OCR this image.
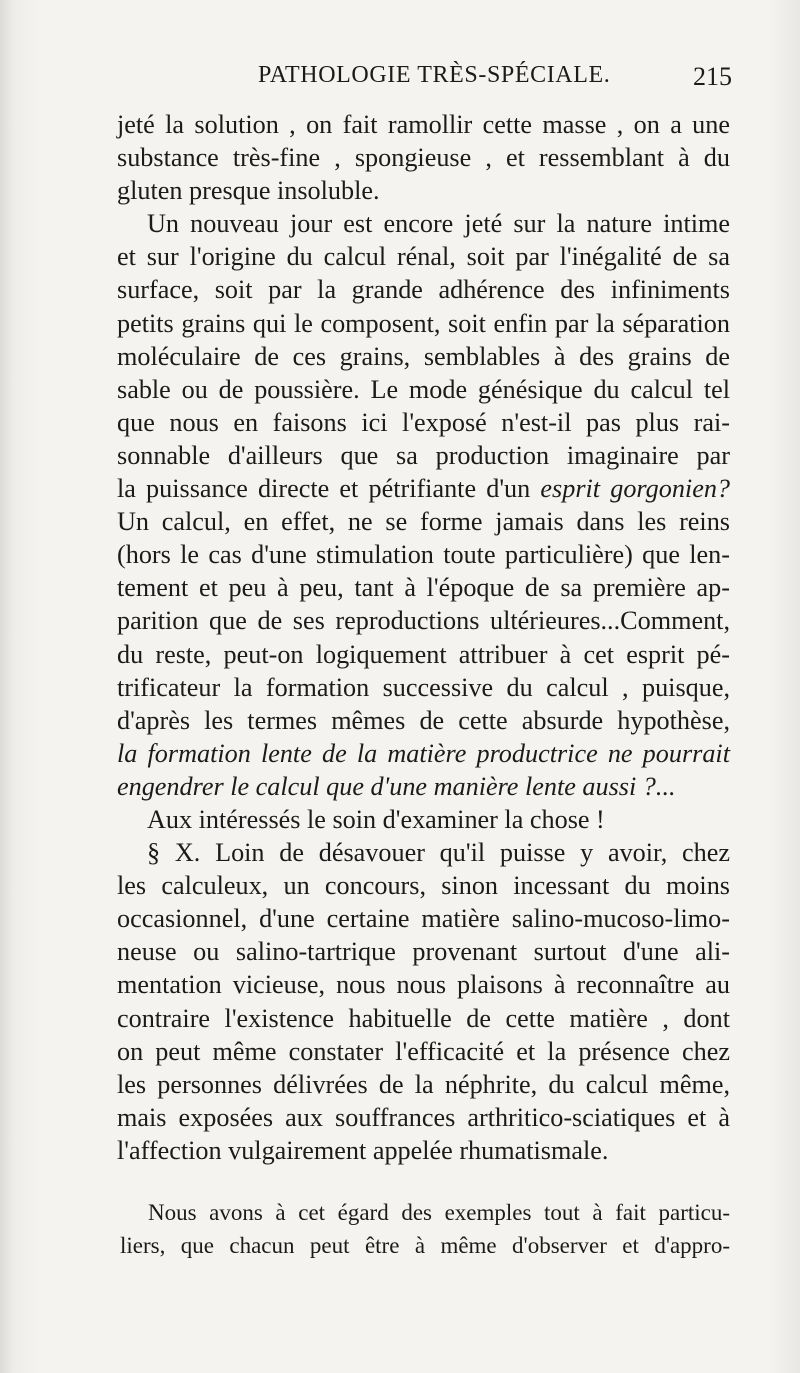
PATHOLOGIE TRÈS-SPÉCIALE.	215
jeté la solution , on fait ramollir cette masse , on a une
substance très-fine , spongieuse , et ressemblant à du
gluten presque insoluble.
Un nouveau jour est encore jeté sur la nature intime
et sur l'origine du calcul rénal, soit par l'inégalité de sa
surface, soit par la grande adhérence des infiniments
petits grains qui le composent, soit enfin par la séparation
moléculaire de ces grains, semblables à des grains de
sable ou de poussière. Le mode génésique du calcul tel
que nous en faisons ici l'exposé n'est-il pas plus rai-
sonnable d'ailleurs que sa production imaginaire par
la puissance directe et pétrifiante d'un esprit gorgonien?
Un calcul, en effet, ne se forme jamais dans les reins
(hors le cas d'une stimulation toute particulière) que len-
tement et peu à peu, tant à l'époque de sa première ap-
parition que de ses reproductions ultérieures...Comment,
du reste, peut-on logiquement attribuer à cet esprit pé-
trificateur la formation successive du calcul , puisque,
d'après les termes mêmes de cette absurde hypothèse,
la formation lente de la matière productrice ne pourrait
engendrer le calcul que d'une manière lente aussi ?...
Aux intéressés le soin d'examiner la chose !
§ X. Loin de désavouer qu'il puisse y avoir, chez
les calculeux, un concours, sinon incessant du moins
occasionnel, d'une certaine matière salino-mucoso-limo-
neuse ou salino-tartrique provenant surtout d'une ali-
mentation vicieuse, nous nous plaisons à reconnaître au
contraire l'existence habituelle de cette matière , dont
on peut même constater l'efficacité et la présence chez
les personnes délivrées de la néphrite, du calcul même,
mais exposées aux souffrances arthritico-sciatiques et à
l'affection vulgairement appelée rhumatismale.
Nous avons à cet égard des exemples tout à fait particu-
liers, que chacun peut être à même d'observer et d'appro-
